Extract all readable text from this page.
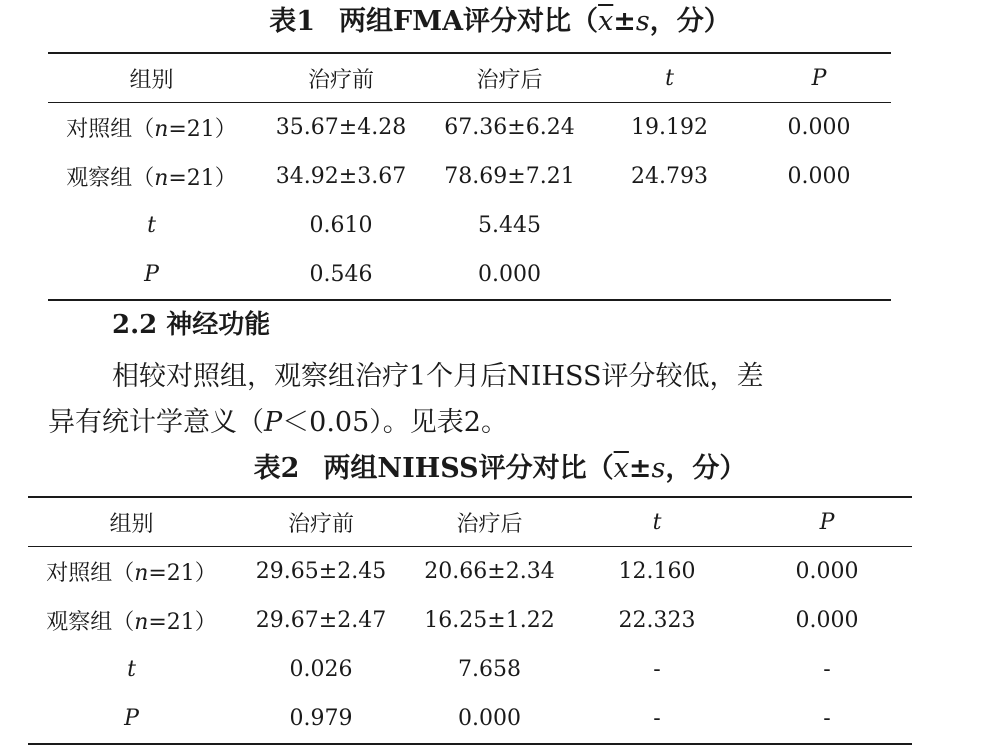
表1 两组FMA评分对比（$\overline{x}\pm s$，分）
组别	治疗前	治疗后	t	P
对照组（n=21）	35.67±4.28	67.36±6.24	19.192	0.000
观察组（n=21）	34.92±3.67	78.69±7.21	24.793	0.000
t	0.610	5.445		
P	0.546	0.000		
2.2 神经功能
相较对照组，观察组治疗1个月后NIHSS评分较低，差
异有统计学意义（P＜0.05）。见表2。
表2 两组NIHSS评分对比（$\overline{x}\pm s$，分）
组别	治疗前	治疗后	t	P
对照组（n=21）	29.65±2.45	20.66±2.34	12.160	0.000
观察组（n=21）	29.67±2.47	16.25±1.22	22.323	0.000
t	0.026	7.658	-	-
P	0.979	0.000	-	-
